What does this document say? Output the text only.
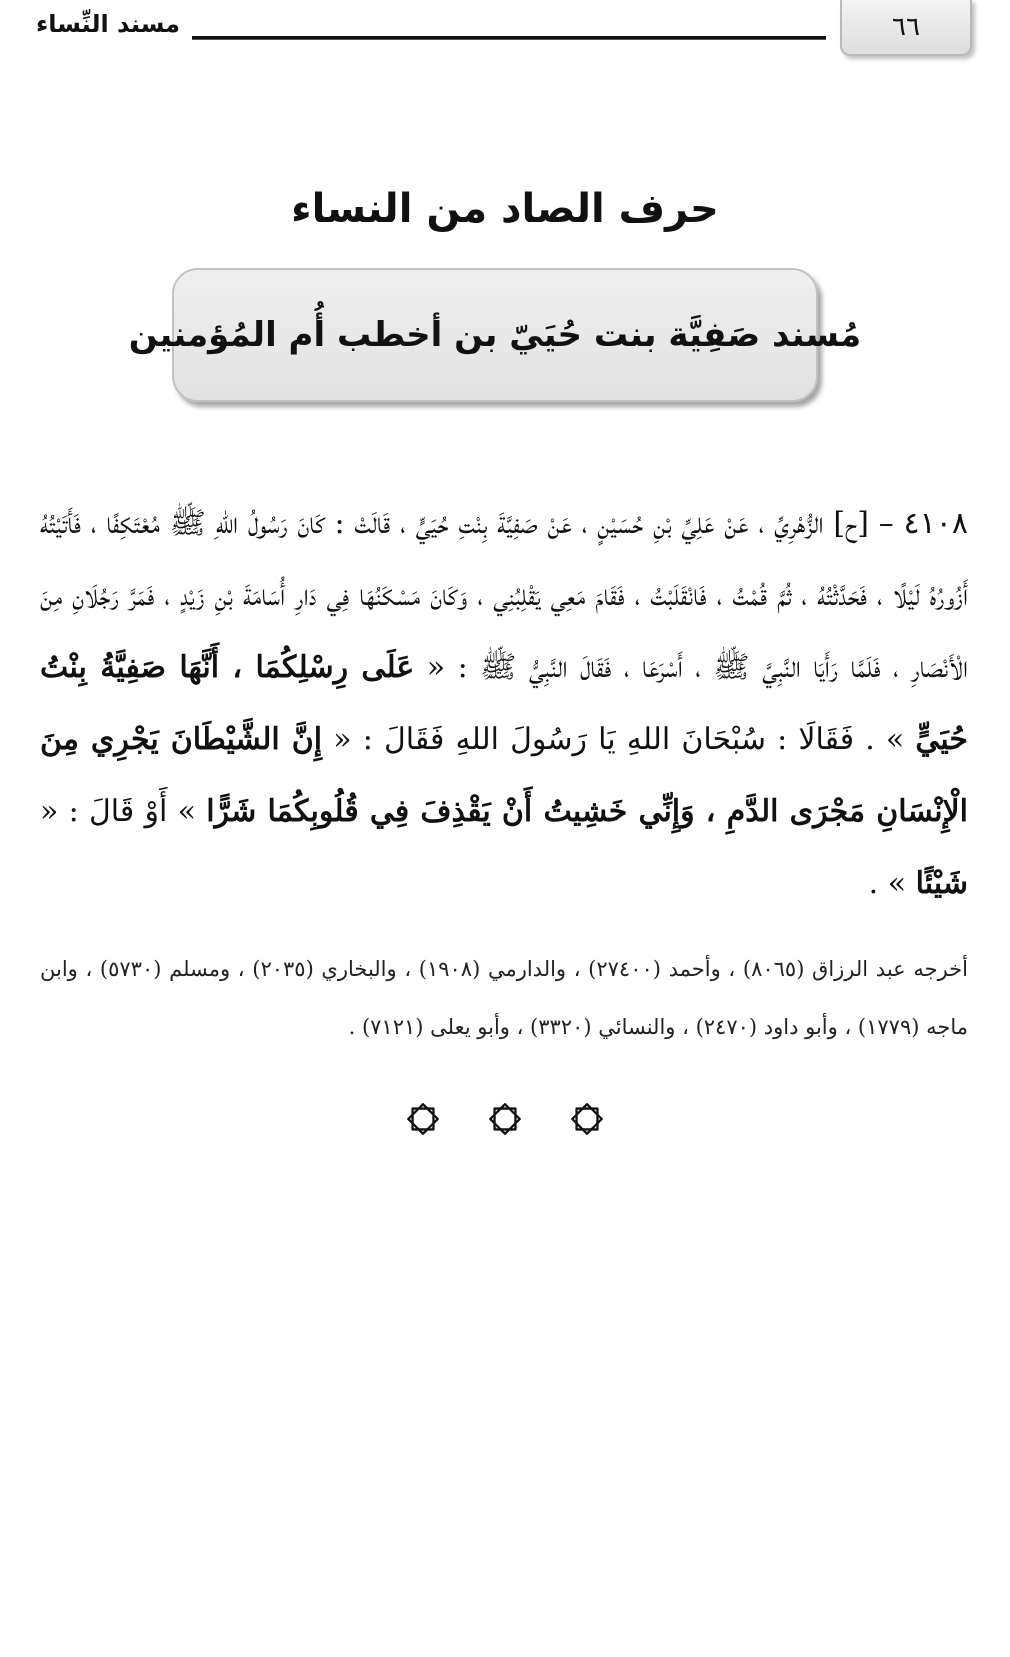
٦٦
مسند النِّساء
حرف الصاد من النساء
مُسند صَفِيَّة بنت حُيَيّ بن أخطب أُم المُؤمنين
٤١٠٨ – [ح] الزُّهْرِيِّ ، عَنْ عَلِيِّ بْنِ حُسَيْنٍ ، عَنْ صَفِيَّةَ بِنْتِ حُيَيٍّ ، قَالَتْ : كَانَ رَسُولُ اللهِ ﷺ مُعْتَكِفًا ، فَأَتَيْتُهُ أَزُورُهُ لَيْلًا ، فَحَدَّثْتُهُ ، ثُمَّ قُمْتُ ، فَانْقَلَبْتُ ، فَقَامَ مَعِي يَقْلِبُنِي ، وَكَانَ مَسْكَنُهَا فِي دَارِ أُسَامَةَ بْنِ زَيْدٍ ، فَمَرَّ رَجُلَانِ مِنَ الْأَنْصَارِ ، فَلَمَّا رَأَيَا النَّبِيَّ ﷺ ، أَسْرَعَا ، فَقَالَ النَّبِيُّ ﷺ : « عَلَى رِسْلِكُمَا ، أَنَّهَا صَفِيَّةُ بِنْتُ حُيَيٍّ » . فَقَالَا : سُبْحَانَ اللهِ يَا رَسُولَ اللهِ فَقَالَ : « إِنَّ الشَّيْطَانَ يَجْرِي مِنَ الْإِنْسَانِ مَجْرَى الدَّمِ ، وَإِنِّي خَشِيتُ أَنْ يَقْذِفَ فِي قُلُوبِكُمَا شَرًّا » أَوْ قَالَ : « شَيْئًا » .
أخرجه عبد الرزاق (٨٠٦٥) ، وأحمد (٢٧٤٠٠) ، والدارمي (١٩٠٨) ، والبخاري (٢٠٣٥) ، ومسلم (٥٧٣٠) ، وابن ماجه (١٧٧٩) ، وأبو داود (٢٤٧٠) ، والنسائي (٣٣٢٠) ، وأبو يعلى (٧١٢١) .
